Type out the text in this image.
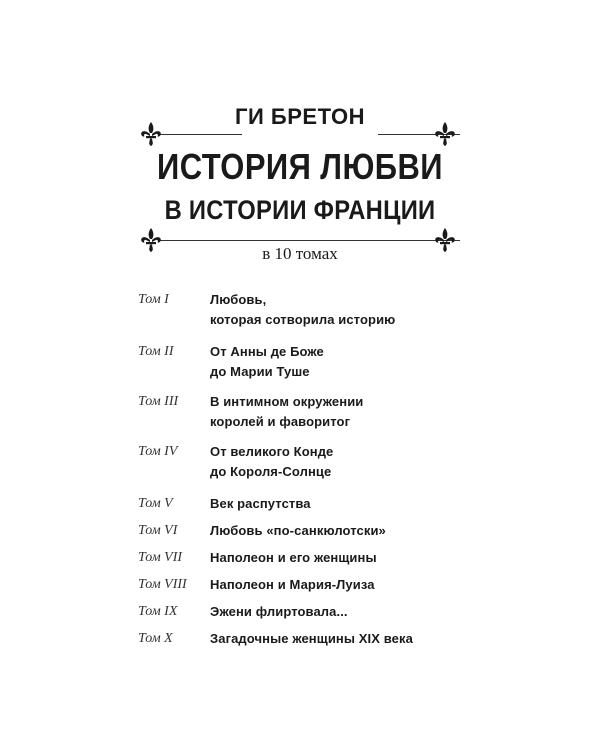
ГИ БРЕТОН
ИСТОРИЯ ЛЮБВИ
В ИСТОРИИ ФРАНЦИИ

в 10 томах

Том I	Любовь,
которая сотворила историю
Том II	От Анны де Боже
до Марии Туше
Том III	В интимном окружении
королей и фаворитог
Том IV	От великого Конде
до Короля-Солнце
Том V	Век распутства
Том VI	Любовь «по-санкюлотски»
Том VII	Наполеон и его женщины
Том VIII	Наполеон и Мария-Луиза
Том IX	Эжени флиртовала...
Том X	Загадочные женщины XIX века
